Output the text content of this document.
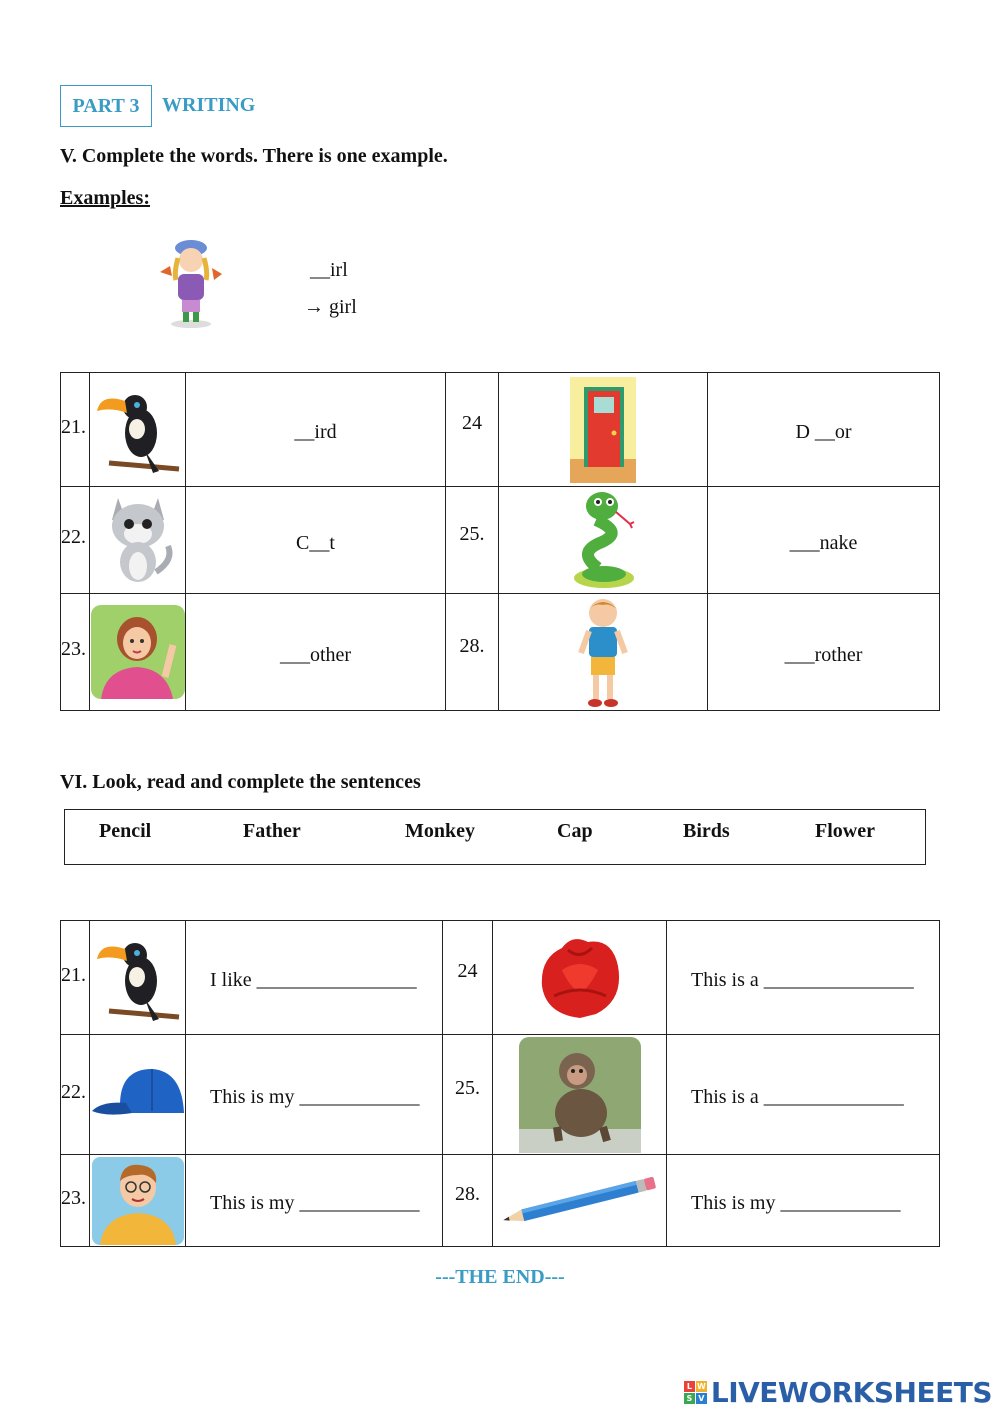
PART 3 WRITING
V. Complete the words. There is one example.
Examples:
__irl
→ girl
21.		__ird	24		D __or

22.		C__t	25.		___nake

23.		___other	28.		___rother
VI. Look, read and complete the sentences
Pencil	Father	Monkey	Cap	Birds	Flower
21.		I like ________________	24		This is a _______________

22.		This is my ____________	25.		This is a ______________

23.		This is my ____________	28.		This is my ____________
---THE END---
L W
S V LIVEWORKSHEETS
